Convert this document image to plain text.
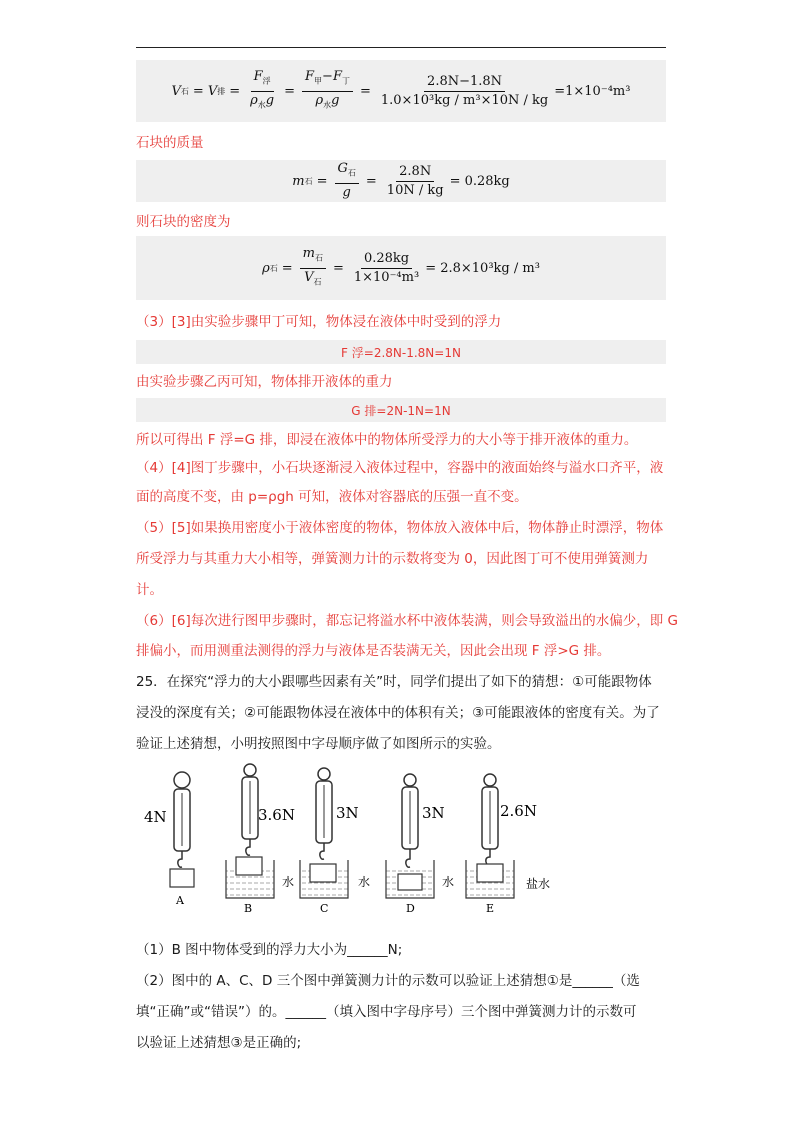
V 石 = V 排 = $\frac{F_浮}{\rho_水g} = \frac{F_甲-F_丁}{\rho_水g} = \frac{2.8N-1.8N}{\text{1.0×10³kg / m³×10N / kg}} =1\times 10^{-4}m^3$
石块的质量
m 石 = $\frac{G_石}{g} = \frac{2.8N}{10N / kg} = 0.28kg$
则石块的密度为
ρ 石 = $\frac{m_石}{V_石} = \frac{0.28kg}{\text{1×10⁻⁴m³}} = 2.8\times 10^3kg / m^3$
（3）[3]由实验步骤甲丁可知，物体浸在液体中时受到的浮力
F 浮=2.8N-1.8N=1N
由实验步骤乙丙可知，物体排开液体的重力
G 排=2N-1N=1N
所以可得出 F 浮=G 排，即浸在液体中的物体所受浮力的大小等于排开液体的重力。
（4）[4]图丁步骤中，小石块逐渐浸入液体过程中，容器中的液面始终与溢水口齐平，液
面的高度不变，由 p=ρgh 可知，液体对容器底的压强一直不变。
（5）[5]如果换用密度小于液体密度的物体，物体放入液体中后，物体静止时漂浮，物体
所受浮力与其重力大小相等，弹簧测力计的示数将变为 0，因此图丁可不使用弹簧测力
计。
（6）[6]每次进行图甲步骤时，都忘记将溢水杯中液体装满，则会导致溢出的水偏少，即 G
排偏小，而用测重法测得的浮力与液体是否装满无关，因此会出现 F 浮>G 排。
25．在探究“浮力的大小跟哪些因素有关”时，同学们提出了如下的猜想：①可能跟物体
浸没的深度有关；②可能跟物体浸在液体中的体积有关；③可能跟液体的密度有关。为了
验证上述猜想，小明按照图中字母顺序做了如图所示的实验。
4N
A
3.6N
水
B
3N
水
C
3N
水
D
2.6N
盐水
E
（1）B 图中物体受到的浮力大小为______N;
（2）图中的 A、C、D 三个图中弹簧测力计的示数可以验证上述猜想①是______（选
填“正确”或“错误”）的。______（填入图中字母序号）三个图中弹簧测力计的示数可
以验证上述猜想③是正确的;
